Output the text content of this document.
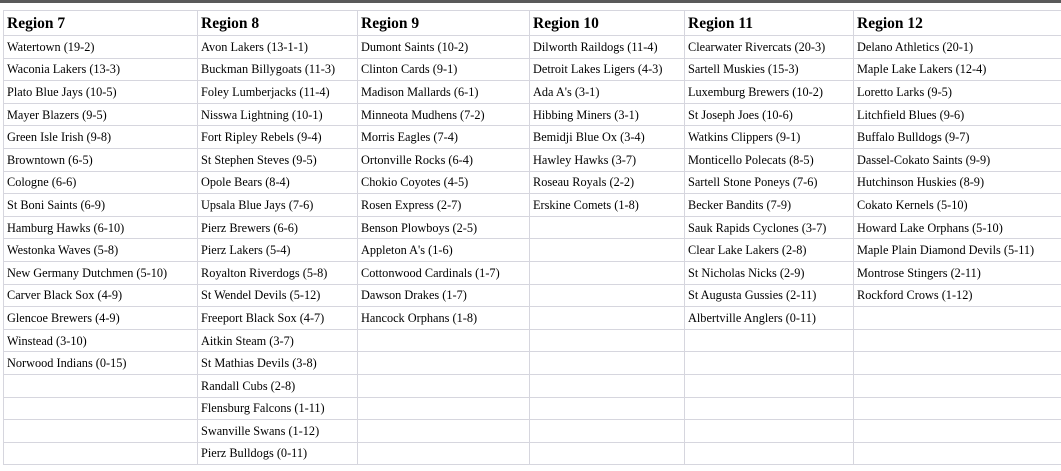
Region 7	Region 8	Region 9	Region 10	Region 11	Region 12
Watertown (19-2)	Avon Lakers (13-1-1)	Dumont Saints (10-2)	Dilworth Raildogs (11-4)	Clearwater Rivercats (20-3)	Delano Athletics (20-1)
Waconia Lakers (13-3)	Buckman Billygoats (11-3)	Clinton Cards (9-1)	Detroit Lakes Ligers (4-3)	Sartell Muskies (15-3)	Maple Lake Lakers (12-4)
Plato Blue Jays (10-5)	Foley Lumberjacks (11-4)	Madison Mallards (6-1)	Ada A's (3-1)	Luxemburg Brewers (10-2)	Loretto Larks (9-5)
Mayer Blazers (9-5)	Nisswa Lightning (10-1)	Minneota Mudhens (7-2)	Hibbing Miners (3-1)	St Joseph Joes (10-6)	Litchfield Blues (9-6)
Green Isle Irish (9-8)	Fort Ripley Rebels (9-4)	Morris Eagles (7-4)	Bemidji Blue Ox (3-4)	Watkins Clippers (9-1)	Buffalo Bulldogs (9-7)
Browntown (6-5)	St Stephen Steves (9-5)	Ortonville Rocks (6-4)	Hawley Hawks (3-7)	Monticello Polecats (8-5)	Dassel-Cokato Saints (9-9)
Cologne (6-6)	Opole Bears (8-4)	Chokio Coyotes (4-5)	Roseau Royals (2-2)	Sartell Stone Poneys (7-6)	Hutchinson Huskies (8-9)
St Boni Saints (6-9)	Upsala Blue Jays (7-6)	Rosen Express (2-7)	Erskine Comets (1-8)	Becker Bandits (7-9)	Cokato Kernels (5-10)
Hamburg Hawks (6-10)	Pierz Brewers (6-6)	Benson Plowboys (2-5)		Sauk Rapids Cyclones (3-7)	Howard Lake Orphans (5-10)
Westonka Waves (5-8)	Pierz Lakers (5-4)	Appleton A's (1-6)		Clear Lake Lakers (2-8)	Maple Plain Diamond Devils (5-11)
New Germany Dutchmen (5-10)	Royalton Riverdogs (5-8)	Cottonwood Cardinals (1-7)		St Nicholas Nicks (2-9)	Montrose Stingers (2-11)
Carver Black Sox (4-9)	St Wendel Devils (5-12)	Dawson Drakes (1-7)		St Augusta Gussies (2-11)	Rockford Crows (1-12)
Glencoe Brewers (4-9)	Freeport Black Sox (4-7)	Hancock Orphans (1-8)		Albertville Anglers (0-11)	
Winstead (3-10)	Aitkin Steam (3-7)				
Norwood Indians (0-15)	St Mathias Devils (3-8)				
	Randall Cubs (2-8)				
	Flensburg Falcons (1-11)				
	Swanville Swans (1-12)				
	Pierz Bulldogs (0-11)				
